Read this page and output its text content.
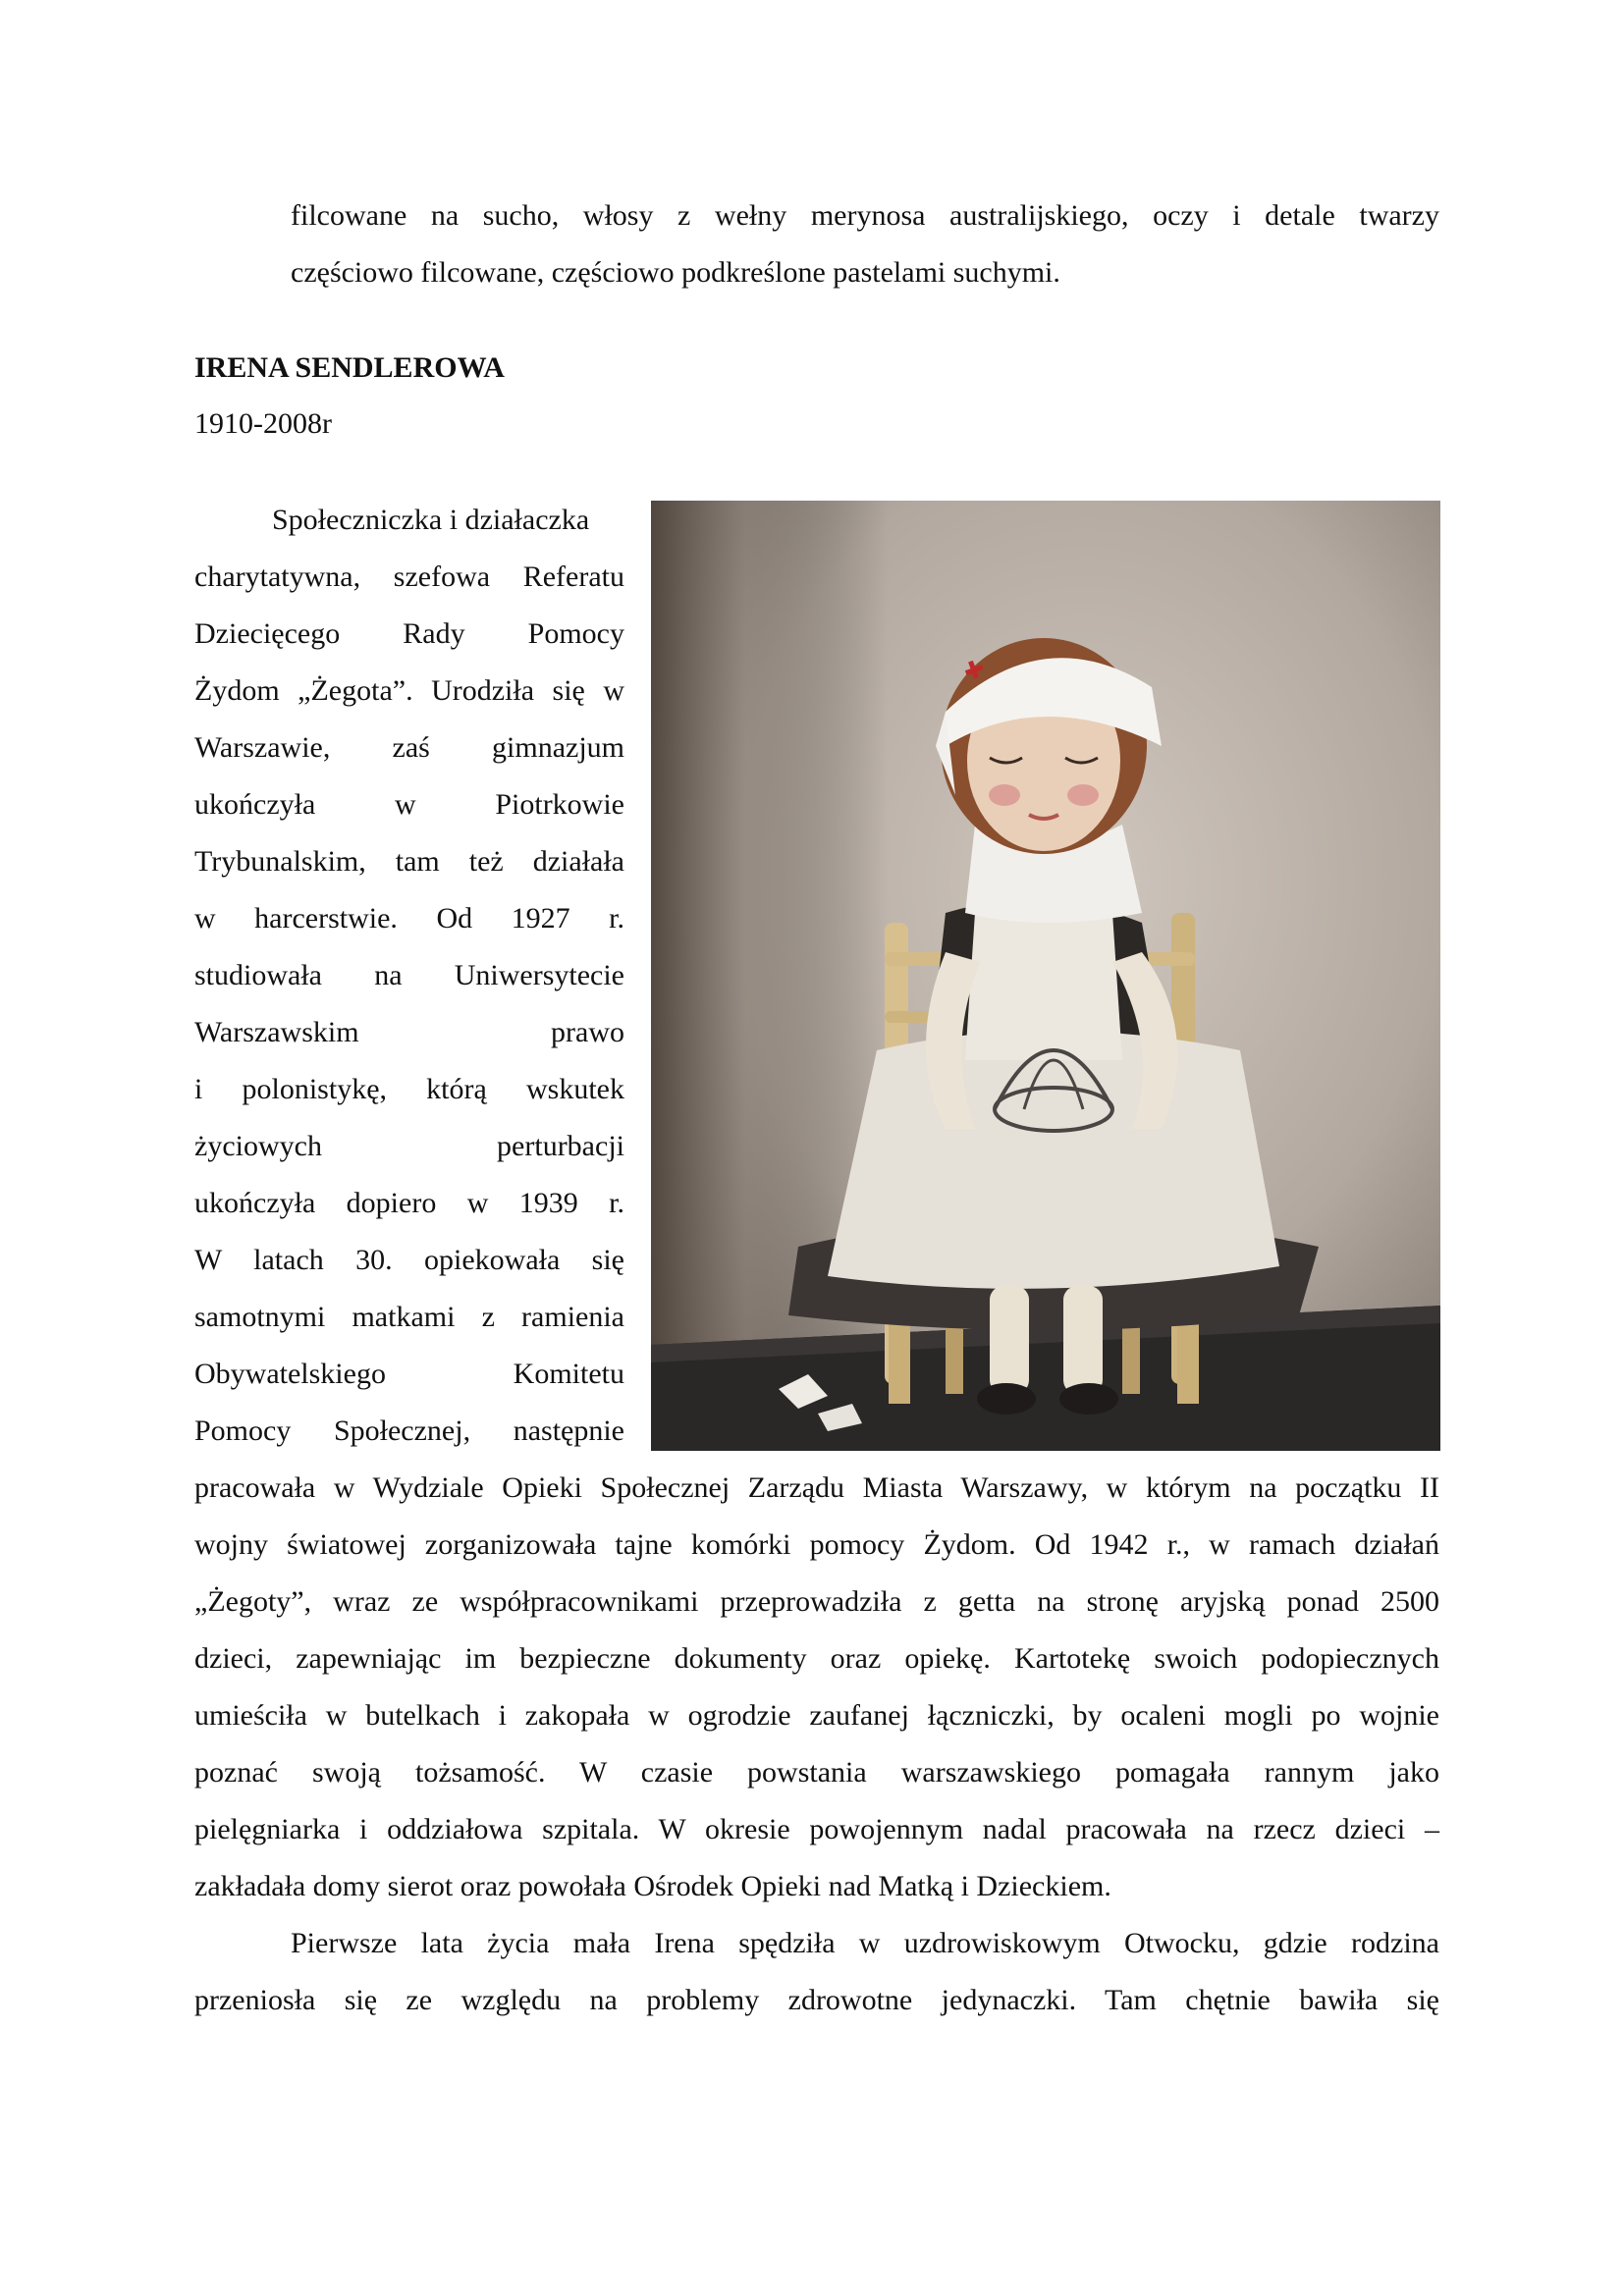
filcowane na sucho, włosy z wełny merynosa australijskiego, oczy i detale twarzy

częściowo filcowane, częściowo podkreślone pastelami suchymi.

IRENA SENDLEROWA

1910-2008r

Społeczniczka i działaczka

charytatywna, szefowa Referatu

Dziecięcego Rady Pomocy

Żydom „Żegota”. Urodziła się w

Warszawie, zaś gimnazjum

ukończyła w Piotrkowie

Trybunalskim, tam też działała

w harcerstwie. Od 1927 r.

studiowała na Uniwersytecie

Warszawskim prawo

i polonistykę, którą wskutek

życiowych perturbacji

ukończyła dopiero w 1939 r.

W latach 30. opiekowała się

samotnymi matkami z ramienia

Obywatelskiego Komitetu

Pomocy Społecznej, następnie

pracowała w Wydziale Opieki Społecznej Zarządu Miasta Warszawy, w którym na początku II

wojny światowej zorganizowała tajne komórki pomocy Żydom. Od 1942 r., w ramach działań

„Żegoty”, wraz ze współpracownikami przeprowadziła z getta na stronę aryjską ponad 2500

dzieci, zapewniając im bezpieczne dokumenty oraz opiekę. Kartotekę swoich podopiecznych

umieściła w butelkach i zakopała w ogrodzie zaufanej łączniczki, by ocaleni mogli po wojnie

poznać swoją tożsamość. W czasie powstania warszawskiego pomagała rannym jako

pielęgniarka i oddziałowa szpitala. W okresie powojennym nadal pracowała na rzecz dzieci –

zakładała domy sierot oraz powołała Ośrodek Opieki nad Matką i Dzieckiem.

Pierwsze lata życia mała Irena spędziła w uzdrowiskowym Otwocku, gdzie rodzina

przeniosła się ze względu na problemy zdrowotne jedynaczki. Tam chętnie bawiła się
